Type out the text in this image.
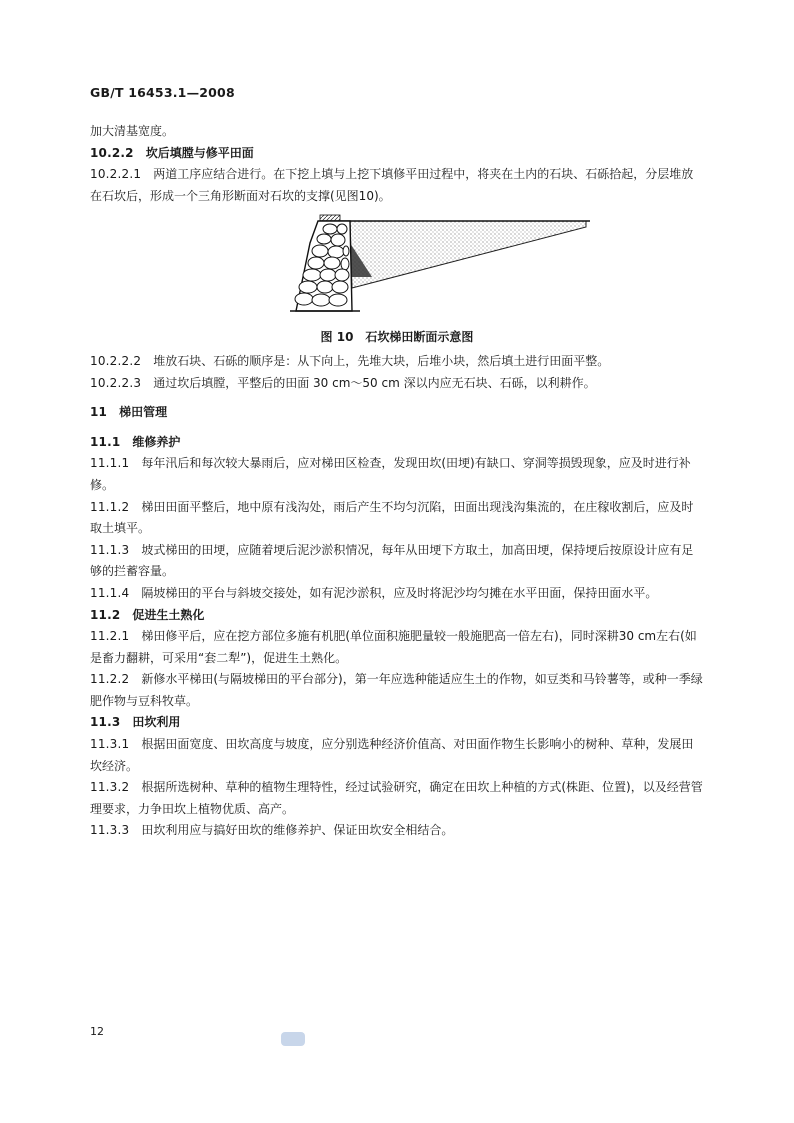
GB/T 16453.1—2008
加大清基宽度。
10.2.2 坎后填膛与修平田面
10.2.2.1 两道工序应结合进行。在下挖上填与上挖下填修平田过程中，将夹在土内的石块、石砾拾起，分层堆放在石坎后，形成一个三角形断面对石坎的支撑(见图10)。
图 10　石坎梯田断面示意图
10.2.2.2 堆放石块、石砾的顺序是：从下向上，先堆大块，后堆小块，然后填土进行田面平整。
10.2.2.3 通过坎后填膛，平整后的田面 30 cm～50 cm 深以内应无石块、石砾，以利耕作。
11 梯田管理
11.1 维修养护
11.1.1 每年汛后和每次较大暴雨后，应对梯田区检查，发现田坎(田埂)有缺口、穿洞等损毁现象，应及时进行补修。
11.1.2 梯田田面平整后，地中原有浅沟处，雨后产生不均匀沉陷，田面出现浅沟集流的，在庄稼收割后，应及时取土填平。
11.1.3 坡式梯田的田埂，应随着埂后泥沙淤积情况，每年从田埂下方取土，加高田埂，保持埂后按原设计应有足够的拦蓄容量。
11.1.4 隔坡梯田的平台与斜坡交接处，如有泥沙淤积，应及时将泥沙均匀摊在水平田面，保持田面水平。
11.2 促进生土熟化
11.2.1 梯田修平后，应在挖方部位多施有机肥(单位面积施肥量较一般施肥高一倍左右)，同时深耕30 cm左右(如是畜力翻耕，可采用“套二犁”)，促进生土熟化。
11.2.2 新修水平梯田(与隔坡梯田的平台部分)，第一年应选种能适应生土的作物，如豆类和马铃薯等，或种一季绿肥作物与豆科牧草。
11.3 田坎利用
11.3.1 根据田面宽度、田坎高度与坡度，应分别选种经济价值高、对田面作物生长影响小的树种、草种，发展田坎经济。
11.3.2 根据所选树种、草种的植物生理特性，经过试验研究，确定在田坎上种植的方式(株距、位置)，以及经营管理要求，力争田坎上植物优质、高产。
11.3.3 田坎利用应与搞好田坎的维修养护、保证田坎安全相结合。
12
